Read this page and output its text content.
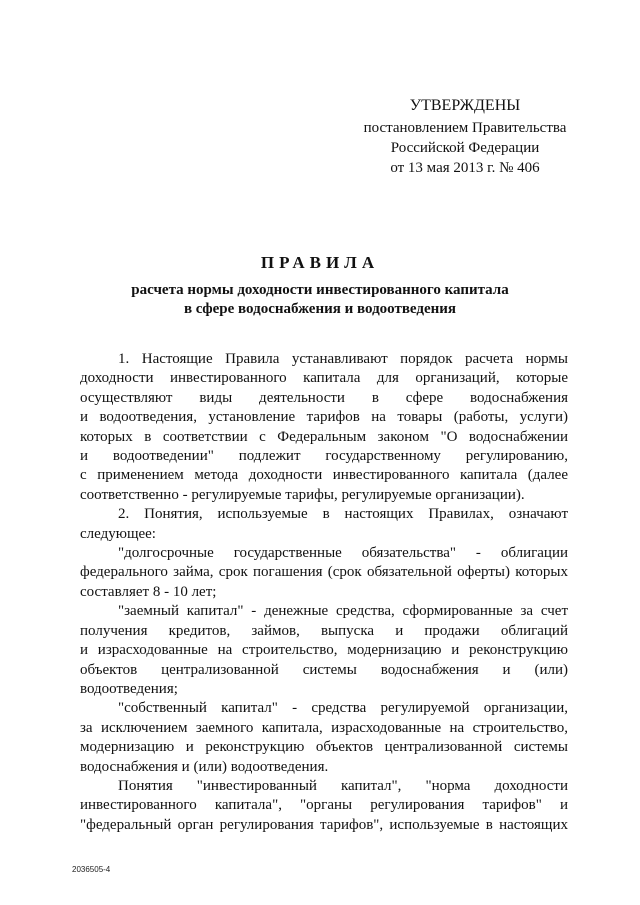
УТВЕРЖДЕНЫ
постановлением Правительства
Российской Федерации
от 13 мая 2013 г. № 406
ПРАВИЛА
расчета нормы доходности инвестированного капитала
в сфере водоснабжения и водоотведения
1. Настоящие Правила устанавливают порядок расчета нормы
доходности инвестированного капитала для организаций, которые
осуществляют виды деятельности в сфере водоснабжения
и водоотведения, установление тарифов на товары (работы, услуги)
которых в соответствии с Федеральным законом "О водоснабжении
и водоотведении" подлежит государственному регулированию,
с применением метода доходности инвестированного капитала (далее
соответственно - регулируемые тарифы, регулируемые организации).
2. Понятия, используемые в настоящих Правилах, означают
следующее:
"долгосрочные государственные обязательства" - облигации
федерального займа, срок погашения (срок обязательной оферты) которых
составляет 8 - 10 лет;
"заемный капитал" - денежные средства, сформированные за счет
получения кредитов, займов, выпуска и продажи облигаций
и израсходованные на строительство, модернизацию и реконструкцию
объектов централизованной системы водоснабжения и (или)
водоотведения;
"собственный капитал" - средства регулируемой организации,
за исключением заемного капитала, израсходованные на строительство,
модернизацию и реконструкцию объектов централизованной системы
водоснабжения и (или) водоотведения.
Понятия "инвестированный капитал", "норма доходности
инвестированного капитала", "органы регулирования тарифов" и
"федеральный орган регулирования тарифов", используемые в настоящих
2036505-4
